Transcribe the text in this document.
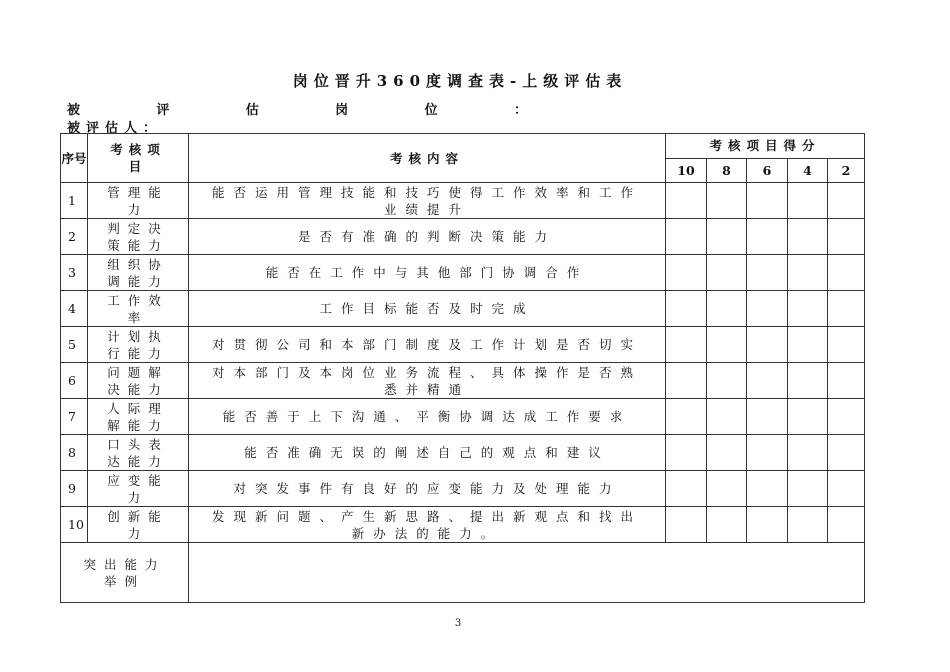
岗位晋升360度调查表-上级评估表
被	评	估	岗	位	：
被评估人：
序号	考核项目	考核内容	考核项目得分				
			10	8	6	4	2
1	管理能力	能否运用管理技能和技巧使得工作效率和工作业绩提升					
2	判定决策能力	是否有准确的判断决策能力					
3	组织协调能力	能否在工作中与其他部门协调合作					
4	工作效率	工作目标能否及时完成					
5	计划执行能力	对贯彻公司和本部门制度及工作计划是否切实					
6	问题解决能力	对本部门及本岗位业务流程、具体操作是否熟悉并精通					
7	人际理解能力	能否善于上下沟通、平衡协调达成工作要求					
8	口头表达能力	能否准确无误的阐述自己的观点和建议					
9	应变能力	对突发事件有良好的应变能力及处理能力					
10	创新能力	发现新问题、产生新思路、提出新观点和找出新办法的能力。					
突出能力举例							
3
